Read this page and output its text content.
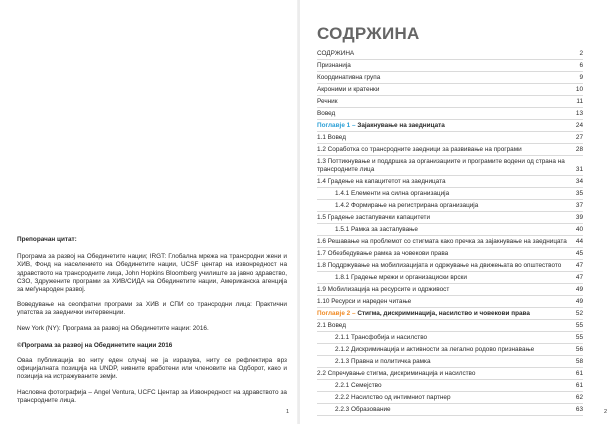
Препорачан цитат:

Програма за развој на Обединетите нации; IRGT: Глобална мрежа на трансродни жени и ХИВ, Фонд на населението на Обединетите нации, UCSF центар на извонредност на здравството на трансродните лица, John Hopkins Bloomberg училиште за јавно здравство, СЗО, Здружените програми за ХИВ/СИДА на Обединетите нации, Американска агенција за меѓународен развој.

Воведување на сеопфатни програми за ХИВ и СПИ со трансродни лица: Практични упатства за заеднички интервенции.

New York (NY): Програма за развој на Обединетите нации: 2016.

©Програма за развој на Обединетите нации 2016

Оваа публикација во ниту еден случај не ја изразува, ниту се рефлектира врз официјалната позиција на UNDP, нивните вработени или членовите на Одборот, како и позиција на истражуваните земји.

Насловна фотографија – Angel Ventura, UCFC Центар за Извонредност на здравството за трансродните лица.

1	2
СОДРЖИНА
СОДРЖИНА	2
Признанија	6
Координативна група	9
Акроними и кратенки	10
Речник	11
Вовед	13
Поглавје 1 – Зајакнување на заедницата	24
1.1 Вовед	27
1.2 Соработка со трансродните заедници за развивање на програми	28
1.3 Поттикнување и поддршка за организациите и програмите водени од страна на трансродните лица	31
1.4 Градење на капацитетот на заедницата	34
1.4.1 Елементи на силна организација	35
1.4.2 Формирање на регистрирана организација	37
1.5 Градење застапувачки капацитети	39
1.5.1 Рамка за застапување	40
1.6 Решавање на проблемот со стигмата како пречка за зајакнување на заедницата 44
1.7 Обезбедување рамка за човекови права	45
1.8 Поддржување на мобилизацијата и одржување на движењата во општеството 47
1.8.1 Градење мрежи и организациски врски	47
1.9 Мобилизација на ресурсите и одрживост	49
1.10 Ресурси и нареден читање	49
Поглавје 2 – Стигма, дискриминација, насилство и човекови права	52
2.1 Вовед	55
2.1.1 Трансфобија и насилство	55
2.1.2 Дискриминација и активности за легално родово признавање	56
2.1.3 Правна и политичка рамка	58
2.2 Спречување стигма, дискриминација и насилство	61
2.2.1 Семејство	61
2.2.2 Насилство од интимниот партнер	62
2.2.3 Образование	63
